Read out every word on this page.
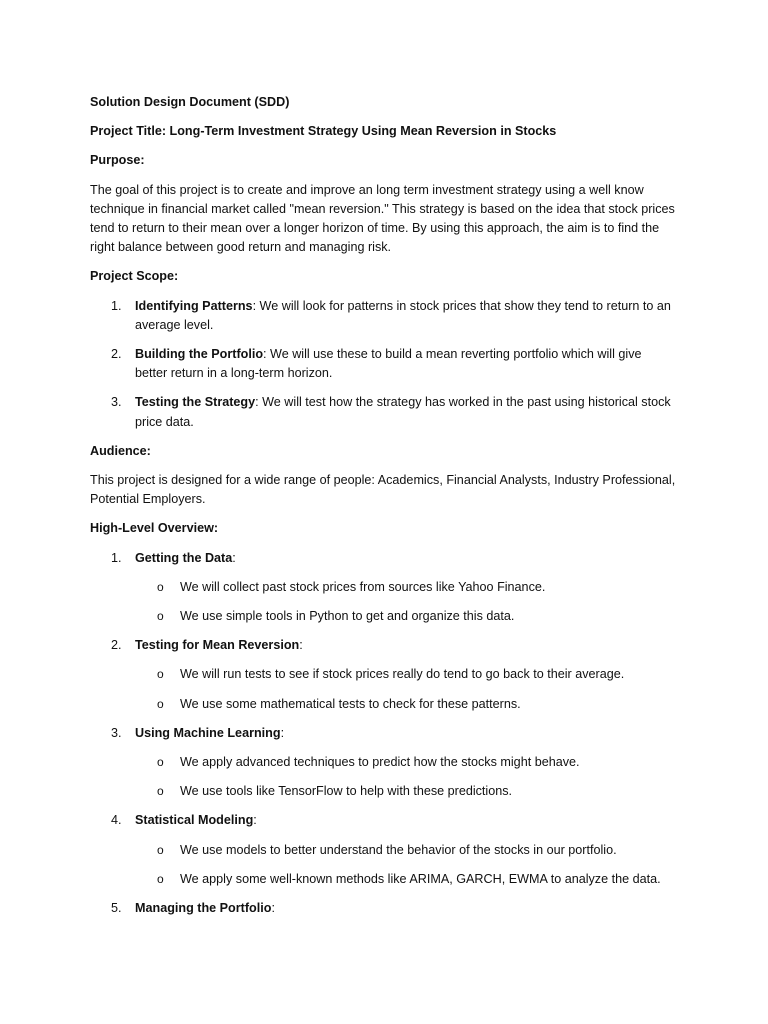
Solution Design Document (SDD)

Project Title: Long-Term Investment Strategy Using Mean Reversion in Stocks

Purpose:

The goal of this project is to create and improve an long term investment strategy using a well know technique in financial market called "mean reversion." This strategy is based on the idea that stock prices tend to return to their mean over a longer horizon of time. By using this approach, the aim is to find the right balance between good return and managing risk.

Project Scope:

1. Identifying Patterns: We will look for patterns in stock prices that show they tend to return to an average level.
2. Building the Portfolio: We will use these to build a mean reverting portfolio which will give better return in a long-term horizon.
3. Testing the Strategy: We will test how the strategy has worked in the past using historical stock price data.

Audience:

This project is designed for a wide range of people: Academics, Financial Analysts, Industry Professional, Potential Employers.

High-Level Overview:

1. Getting the Data:
o We will collect past stock prices from sources like Yahoo Finance.
o We use simple tools in Python to get and organize this data.
2. Testing for Mean Reversion:
o We will run tests to see if stock prices really do tend to go back to their average.
o We use some mathematical tests to check for these patterns.
3. Using Machine Learning:
o We apply advanced techniques to predict how the stocks might behave.
o We use tools like TensorFlow to help with these predictions.
4. Statistical Modeling:
o We use models to better understand the behavior of the stocks in our portfolio.
o We apply some well-known methods like ARIMA, GARCH, EWMA to analyze the data.
5. Managing the Portfolio:
